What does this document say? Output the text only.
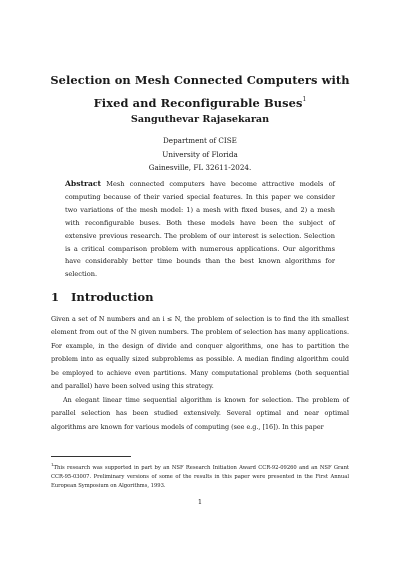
Selection on Mesh Connected Computers with
Fixed and Reconfigurable Buses$^1$
Sanguthevar Rajasekaran
Department of CISE
University of Florida
Gainesville, FL 32611-2024.
Abstract Mesh connected computers have become attractive models of computing because of their varied special features. In this paper we consider two variations of the mesh model: 1) a mesh with fixed buses, and 2) a mesh with reconfigurable buses. Both these models have been the subject of extensive previous research. The problem of our interest is selection. Selection is a critical comparison problem with numerous applications. Our algorithms have considerably better time bounds than the best known algorithms for selection.
1 Introduction

Given a set of N numbers and an i ≤ N, the problem of selection is to find the ith smallest element from out of the N given numbers. The problem of selection has many applications. For example, in the design of divide and conquer algorithms, one has to partition the problem into as equally sized subproblems as possible. A median finding algorithm could be employed to achieve even partitions. Many computational problems (both sequential and parallel) have been solved using this strategy.

An elegant linear time sequential algorithm is known for selection. The problem of parallel selection has been studied extensively. Several optimal and near optimal algorithms are known for various models of computing (see e.g., [16]). In this paper

$^1$This research was supported in part by an NSF Research Initiation Award CCR-92-09260 and an NSF Grant CCR-95-03007. Preliminary versions of some of the results in this paper were presented in the First Annual European Symposium on Algorithms, 1993.
1
